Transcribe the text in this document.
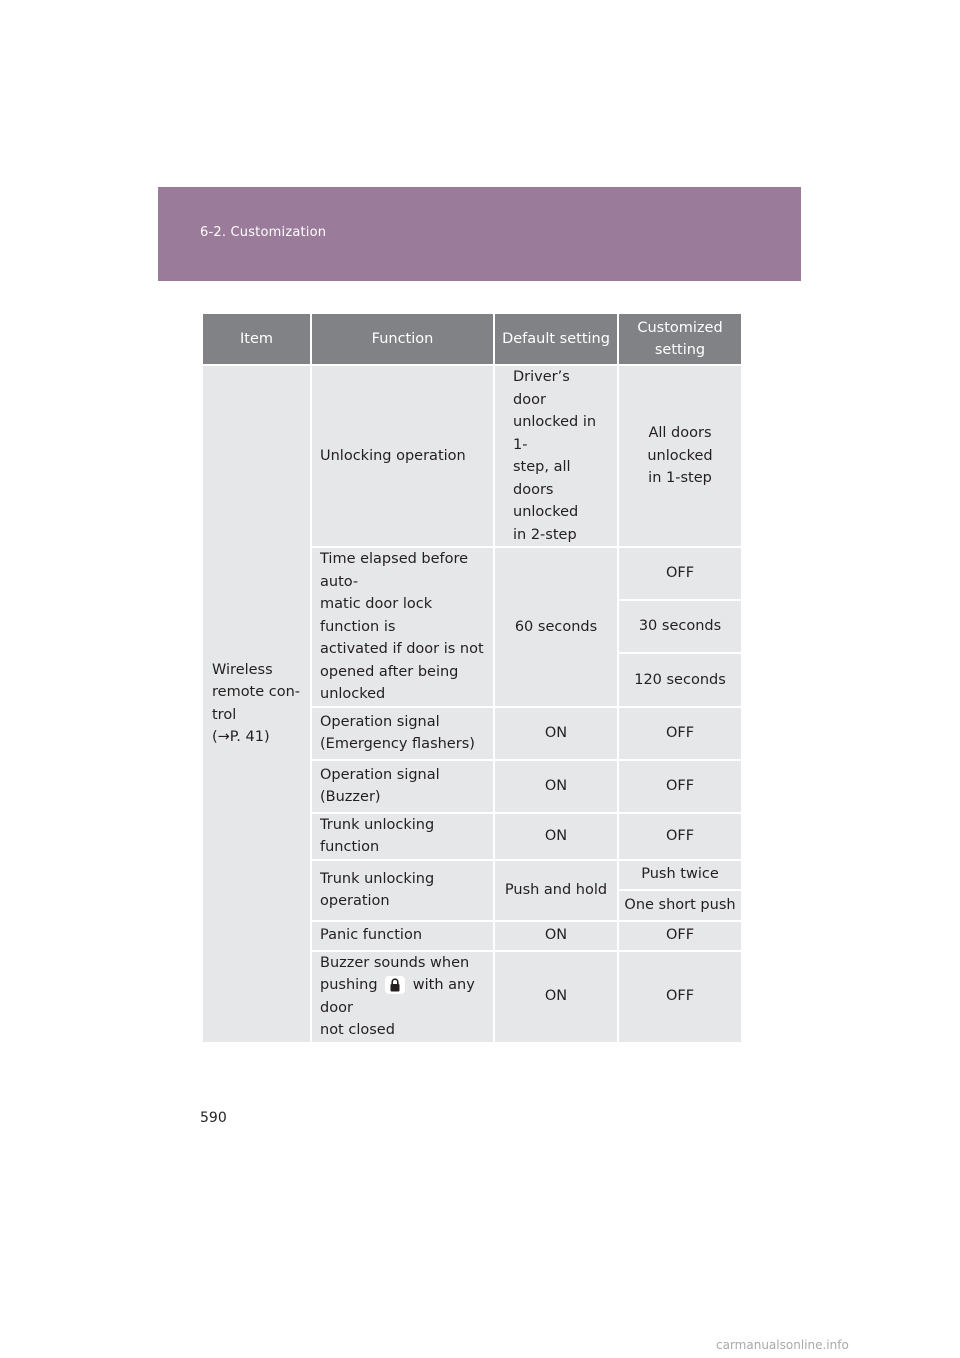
6-2. Customization
Item	Function	Default setting	Customized setting
Wireless
remote con-
trol
(→P. 41)	Unlocking operation	Driver’s door
unlocked in 1-
step, all doors
unlocked
in 2-step	All doors
unlocked
in 1-step
	Time elapsed before auto-
matic door lock function is
activated if door is not
opened after being
unlocked	60 seconds	OFF
			30 seconds
			120 seconds
	Operation signal
(Emergency flashers)	ON	OFF
	Operation signal
(Buzzer)	ON	OFF
	Trunk unlocking function	ON	OFF
	Trunk unlocking operation	Push and hold	Push twice
			One short push
	Panic function	ON	OFF
	Buzzer sounds when
pushing with any door
not closed	ON	OFF
590
carmanualsonline.info
